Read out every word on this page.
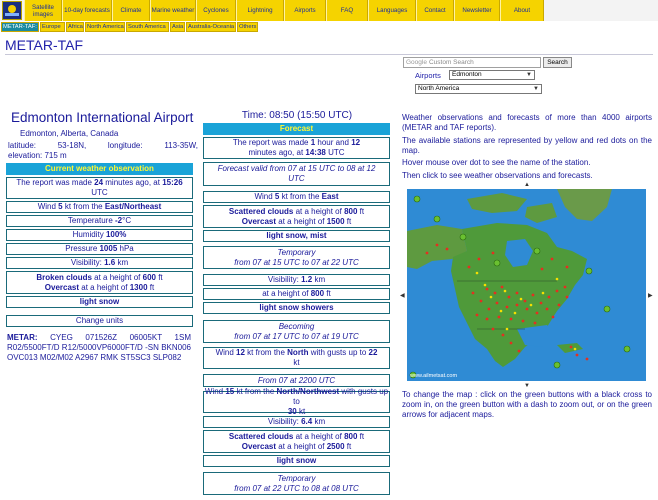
Satellite images	10-day forecasts	Climate	Marine weather	Cyclones	Lightning	Airports	FAQ	Languages	Contact	Newsletter	About
METAR-TAF: Europe	Africa North America South America	Asia Australia-Oceania Others
METAR-TAF
Google Custom Search	Search
Airports	Edmonton	▼
North America	▼
Edmonton International Airport
Edmonton, Alberta, Canada
latitude:	53-18N,	longitude:	113-35W,
elevation: 715 m
Current weather observation
The report was made 24 minutes ago, at 15:26
UTC
Wind 5 kt from the East/Northeast
Temperature -2°C
Humidity 100%
Pressure 1005 hPa
Visibility: 1.6 km
Broken clouds at a height of 600 ft
Overcast at a height of 1300 ft
light snow
Change units
METAR: CYEG 071526Z 06005KT 1SM R02/5500FT/D R12/5000VP6000FT/D -SN BKN006 OVC013 M02/M02 A2967 RMK ST5SC3 SLP082
Time: 08:50 (15:50 UTC)
Forecast
The report was made 1 hour and 12
minutes ago, at 14:38 UTC
Forecast valid from 07 at 15 UTC to 08 at 12 UTC
Wind 5 kt from the East
Scattered clouds at a height of 800 ft
Overcast at a height of 1500 ft
light snow, mist
Temporary
from 07 at 15 UTC to 07 at 22 UTC
Visibility: 1.2 km
at a height of 800 ft
light snow showers
Becoming
from 07 at 17 UTC to 07 at 19 UTC
Wind 12 kt from the North with gusts up to 22
kt
From 07 at 2200 UTC
Wind 15 kt from the North/Northwest with gusts up to
30 kt
Visibility: 6.4 km
Scattered clouds at a height of 800 ft
Overcast at a height of 2500 ft
light snow
Temporary
from 07 at 22 UTC to 08 at 08 UTC
Weather observations and forecasts of more than 4000 airports (METAR and TAF reports).
The available stations are represented by yellow and red dots on the map.
Hover mouse over dot to see the name of the station.
Then click to see weather observations and forecasts.
▲
◀	▶
▼
www.ailmetsat.com
To change the map : click on the green buttons with a black cross to zoom in, on the green button with a dash to zoom out, or on the green arrows for adjacent maps.
